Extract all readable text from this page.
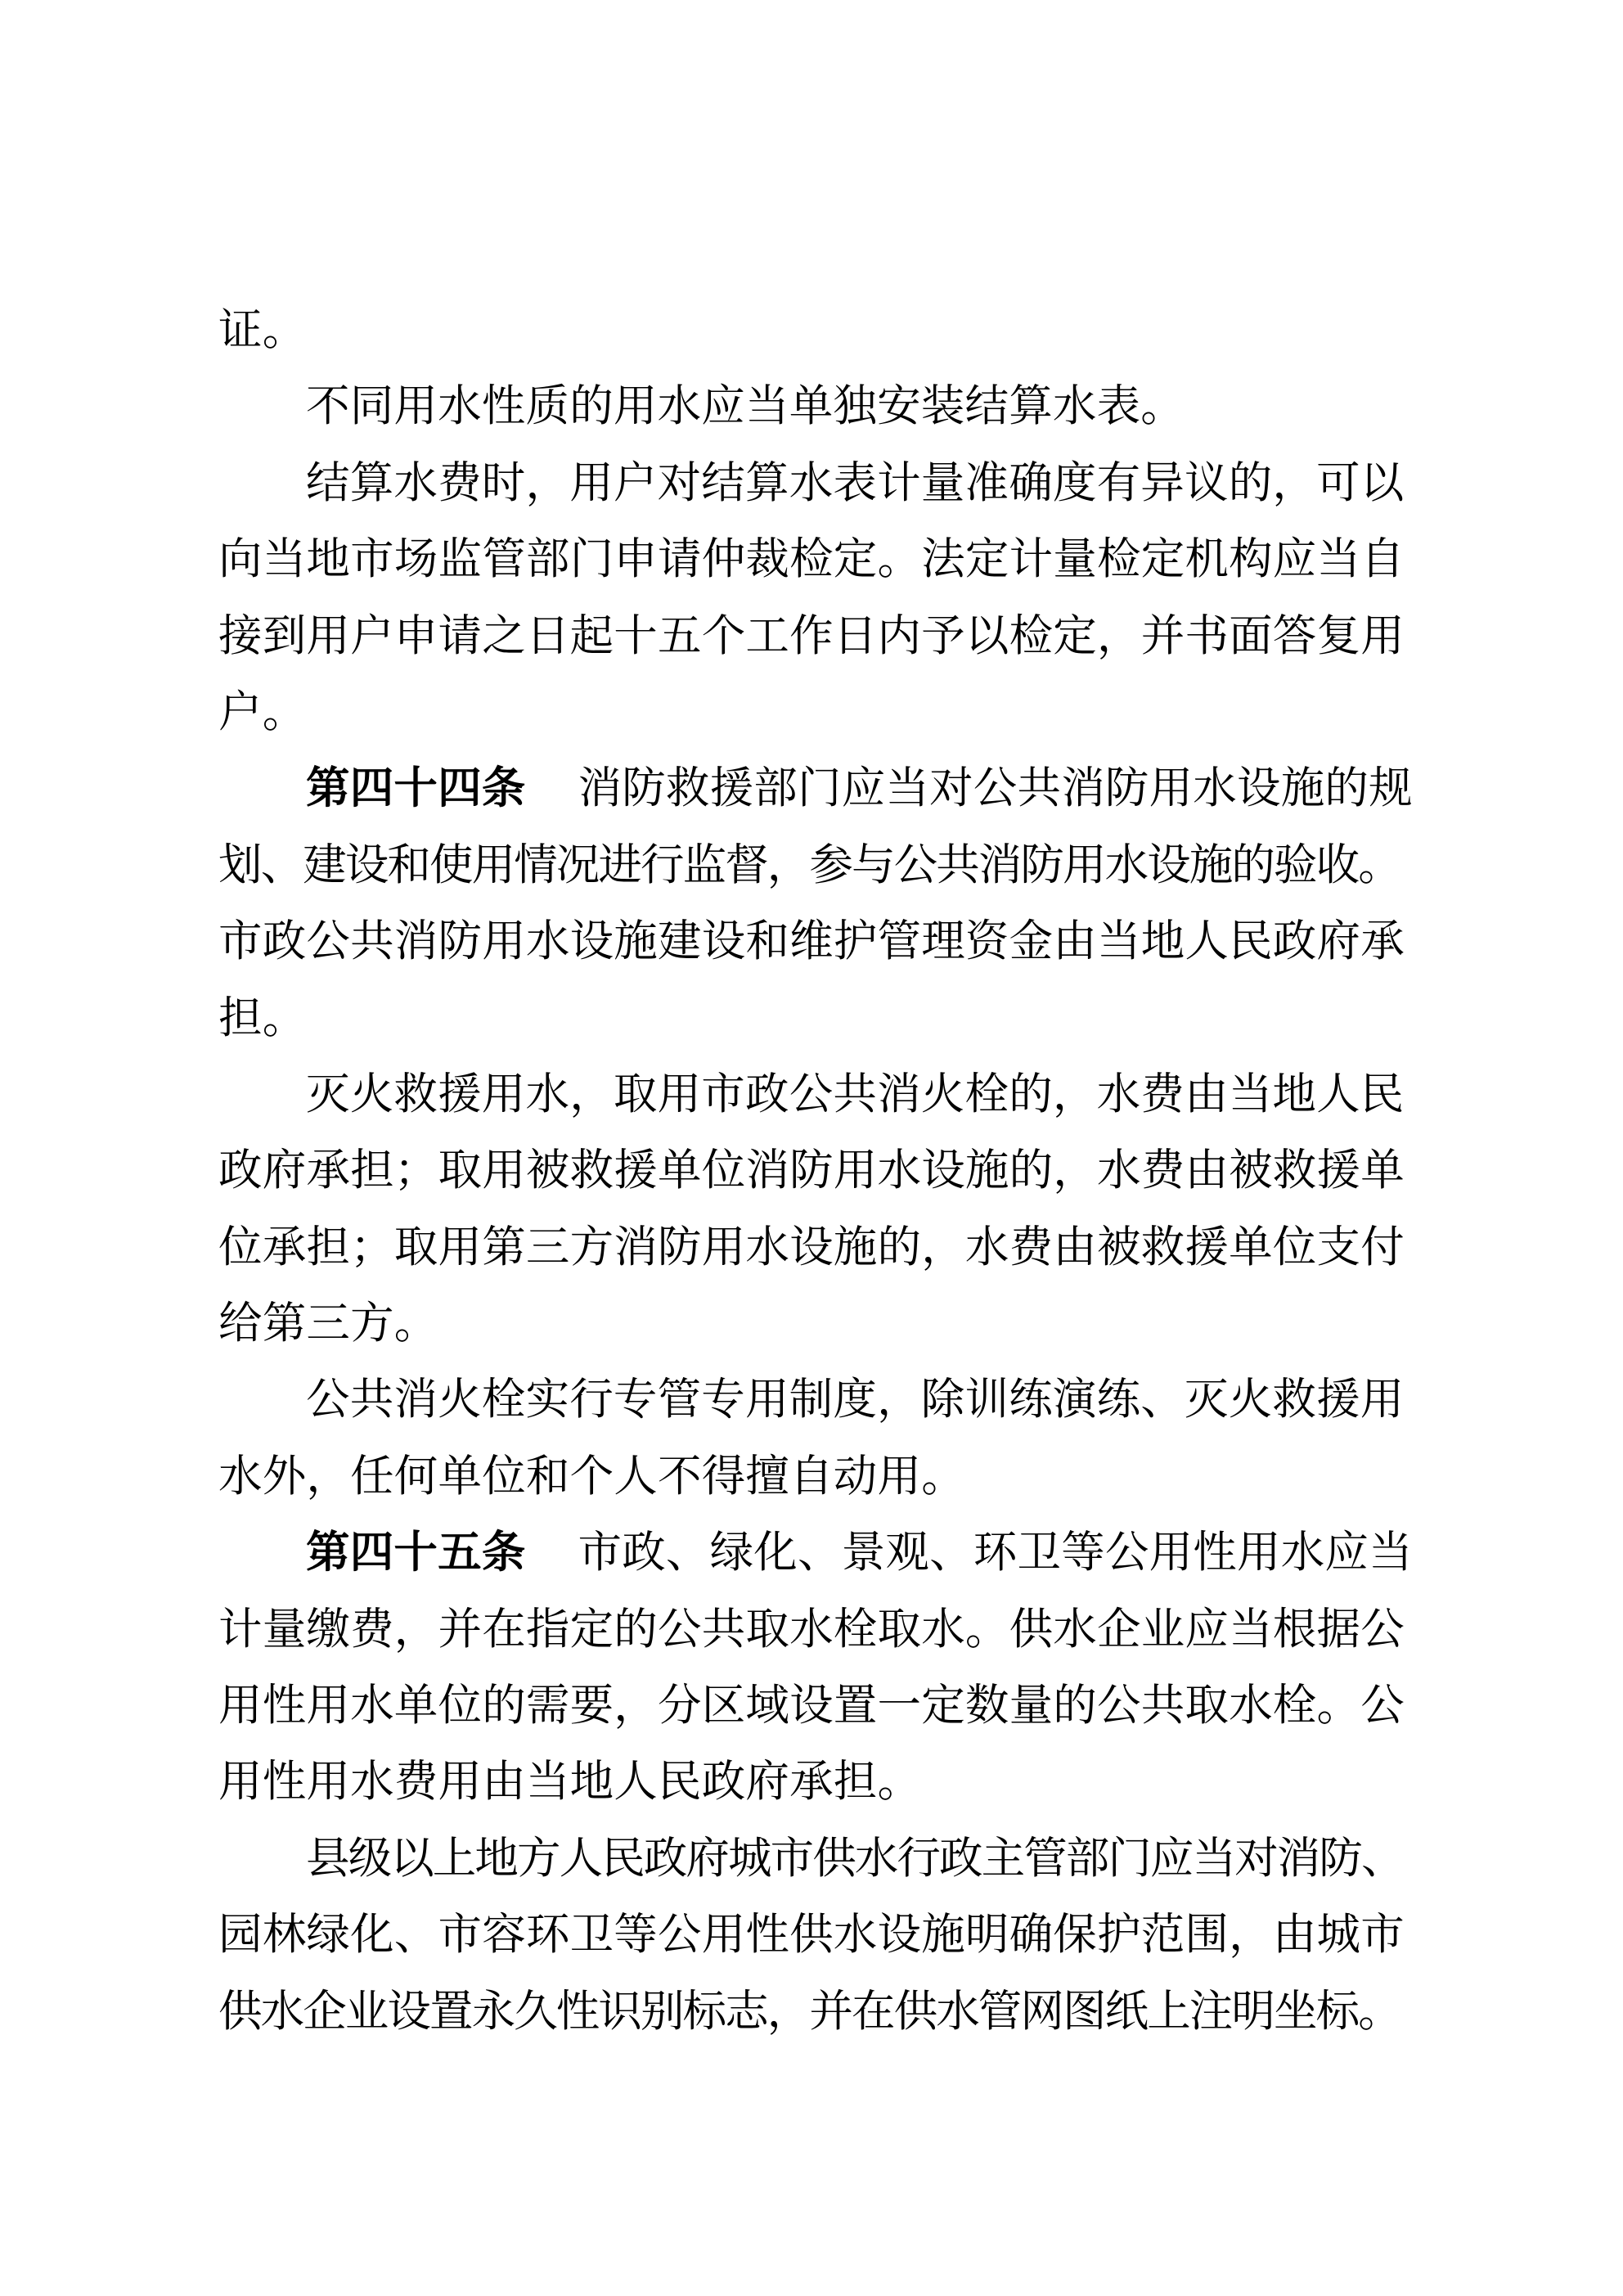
证。
不同用水性质的用水应当单独安装结算水表。
结算水费时，用户对结算水表计量准确度有异议的，可以
向当地市场监管部门申请仲裁检定。法定计量检定机构应当自
接到用户申请之日起十五个工作日内予以检定，并书面答复用
户。
第四十四条 消防救援部门应当对公共消防用水设施的规
划、建设和使用情况进行监督，参与公共消防用水设施的验收。
市政公共消防用水设施建设和维护管理资金由当地人民政府承
担。
灭火救援用水，取用市政公共消火栓的，水费由当地人民
政府承担；取用被救援单位消防用水设施的，水费由被救援单
位承担；取用第三方消防用水设施的，水费由被救援单位支付
给第三方。
公共消火栓实行专管专用制度，除训练演练、灭火救援用
水外，任何单位和个人不得擅自动用。
第四十五条 市政、绿化、景观、环卫等公用性用水应当
计量缴费，并在指定的公共取水栓取水。供水企业应当根据公
用性用水单位的需要，分区域设置一定数量的公共取水栓。公
用性用水费用由当地人民政府承担。
县级以上地方人民政府城市供水行政主管部门应当对消防、
园林绿化、市容环卫等公用性供水设施明确保护范围，由城市
供水企业设置永久性识别标志，并在供水管网图纸上注明坐标。
